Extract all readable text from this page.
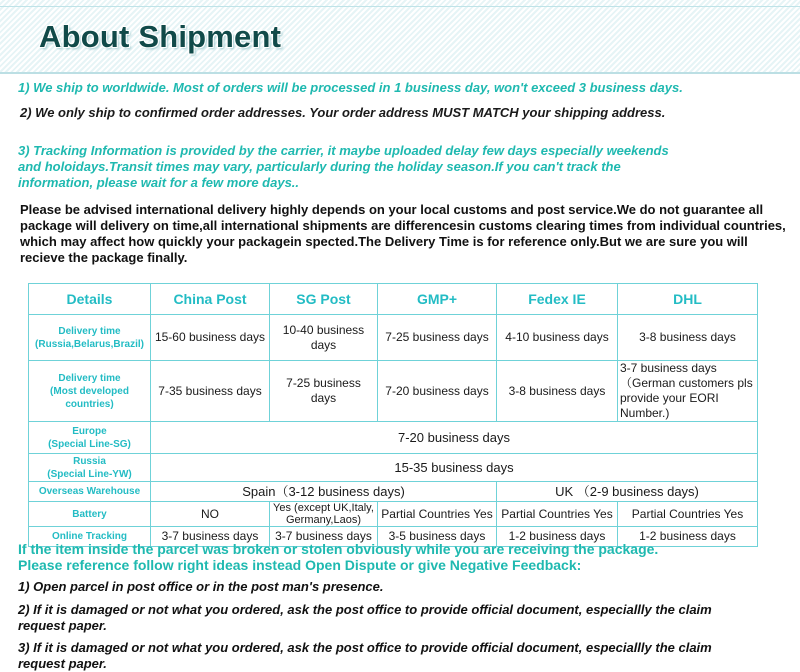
About Shipment

1) We ship to worldwide. Most of orders will be processed in 1 business day, won't exceed 3 business days.

2) We only ship to confirmed order addresses. Your order address MUST MATCH your shipping address.

3) Tracking Information is provided by the carrier, it maybe uploaded delay few days especially weekends and holoidays.Transit times may vary, particularly during the holiday season.If you can't track the information, please wait for a few more days..

Please be advised international delivery highly depends on your local customs and post service.We do not guarantee all package will delivery on time,all international shipments are differencesin customs clearing times from individual countries, which may affect how quickly your packagein spected.The Delivery Time is for reference only.But we are sure you will recieve the package finally.

Details	China Post	SG Post	GMP+	Fedex IE	DHL
Delivery time
(Russia,Belarus,Brazil)	15-60 business days	10-40 business days	7-25 business days	4-10 business days	3-8 business days
Delivery time
(Most developed countries)	7-35 business days	7-25 business days	7-20 business days	3-8 business days	3-7 business days（German customers pls provide your EORI Number.)
Europe
(Special Line-SG)	7-20 business days				
Russia
(Special Line-YW)	15-35 business days				
Overseas Warehouse	Spain（3-12 business days)			UK （2-9 business days)	
Battery	NO	Yes (except UK,Italy, Germany,Laos)	Partial Countries Yes	Partial Countries Yes	Partial Countries Yes
Online Tracking	3-7 business days	3-7 business days	3-5 business days	1-2 business days	1-2 business days

If the item inside the parcel was broken or stolen obviously while you are receiving the package.
Please reference follow right ideas instead Open Dispute or give Negative Feedback:

1) Open parcel in post office or in the post man's presence.

2) If it is damaged or not what you ordered, ask the post office to provide official document, especiallly the claim request paper.

3) If it is damaged or not what you ordered, ask the post office to provide official document, especiallly the claim request paper.
